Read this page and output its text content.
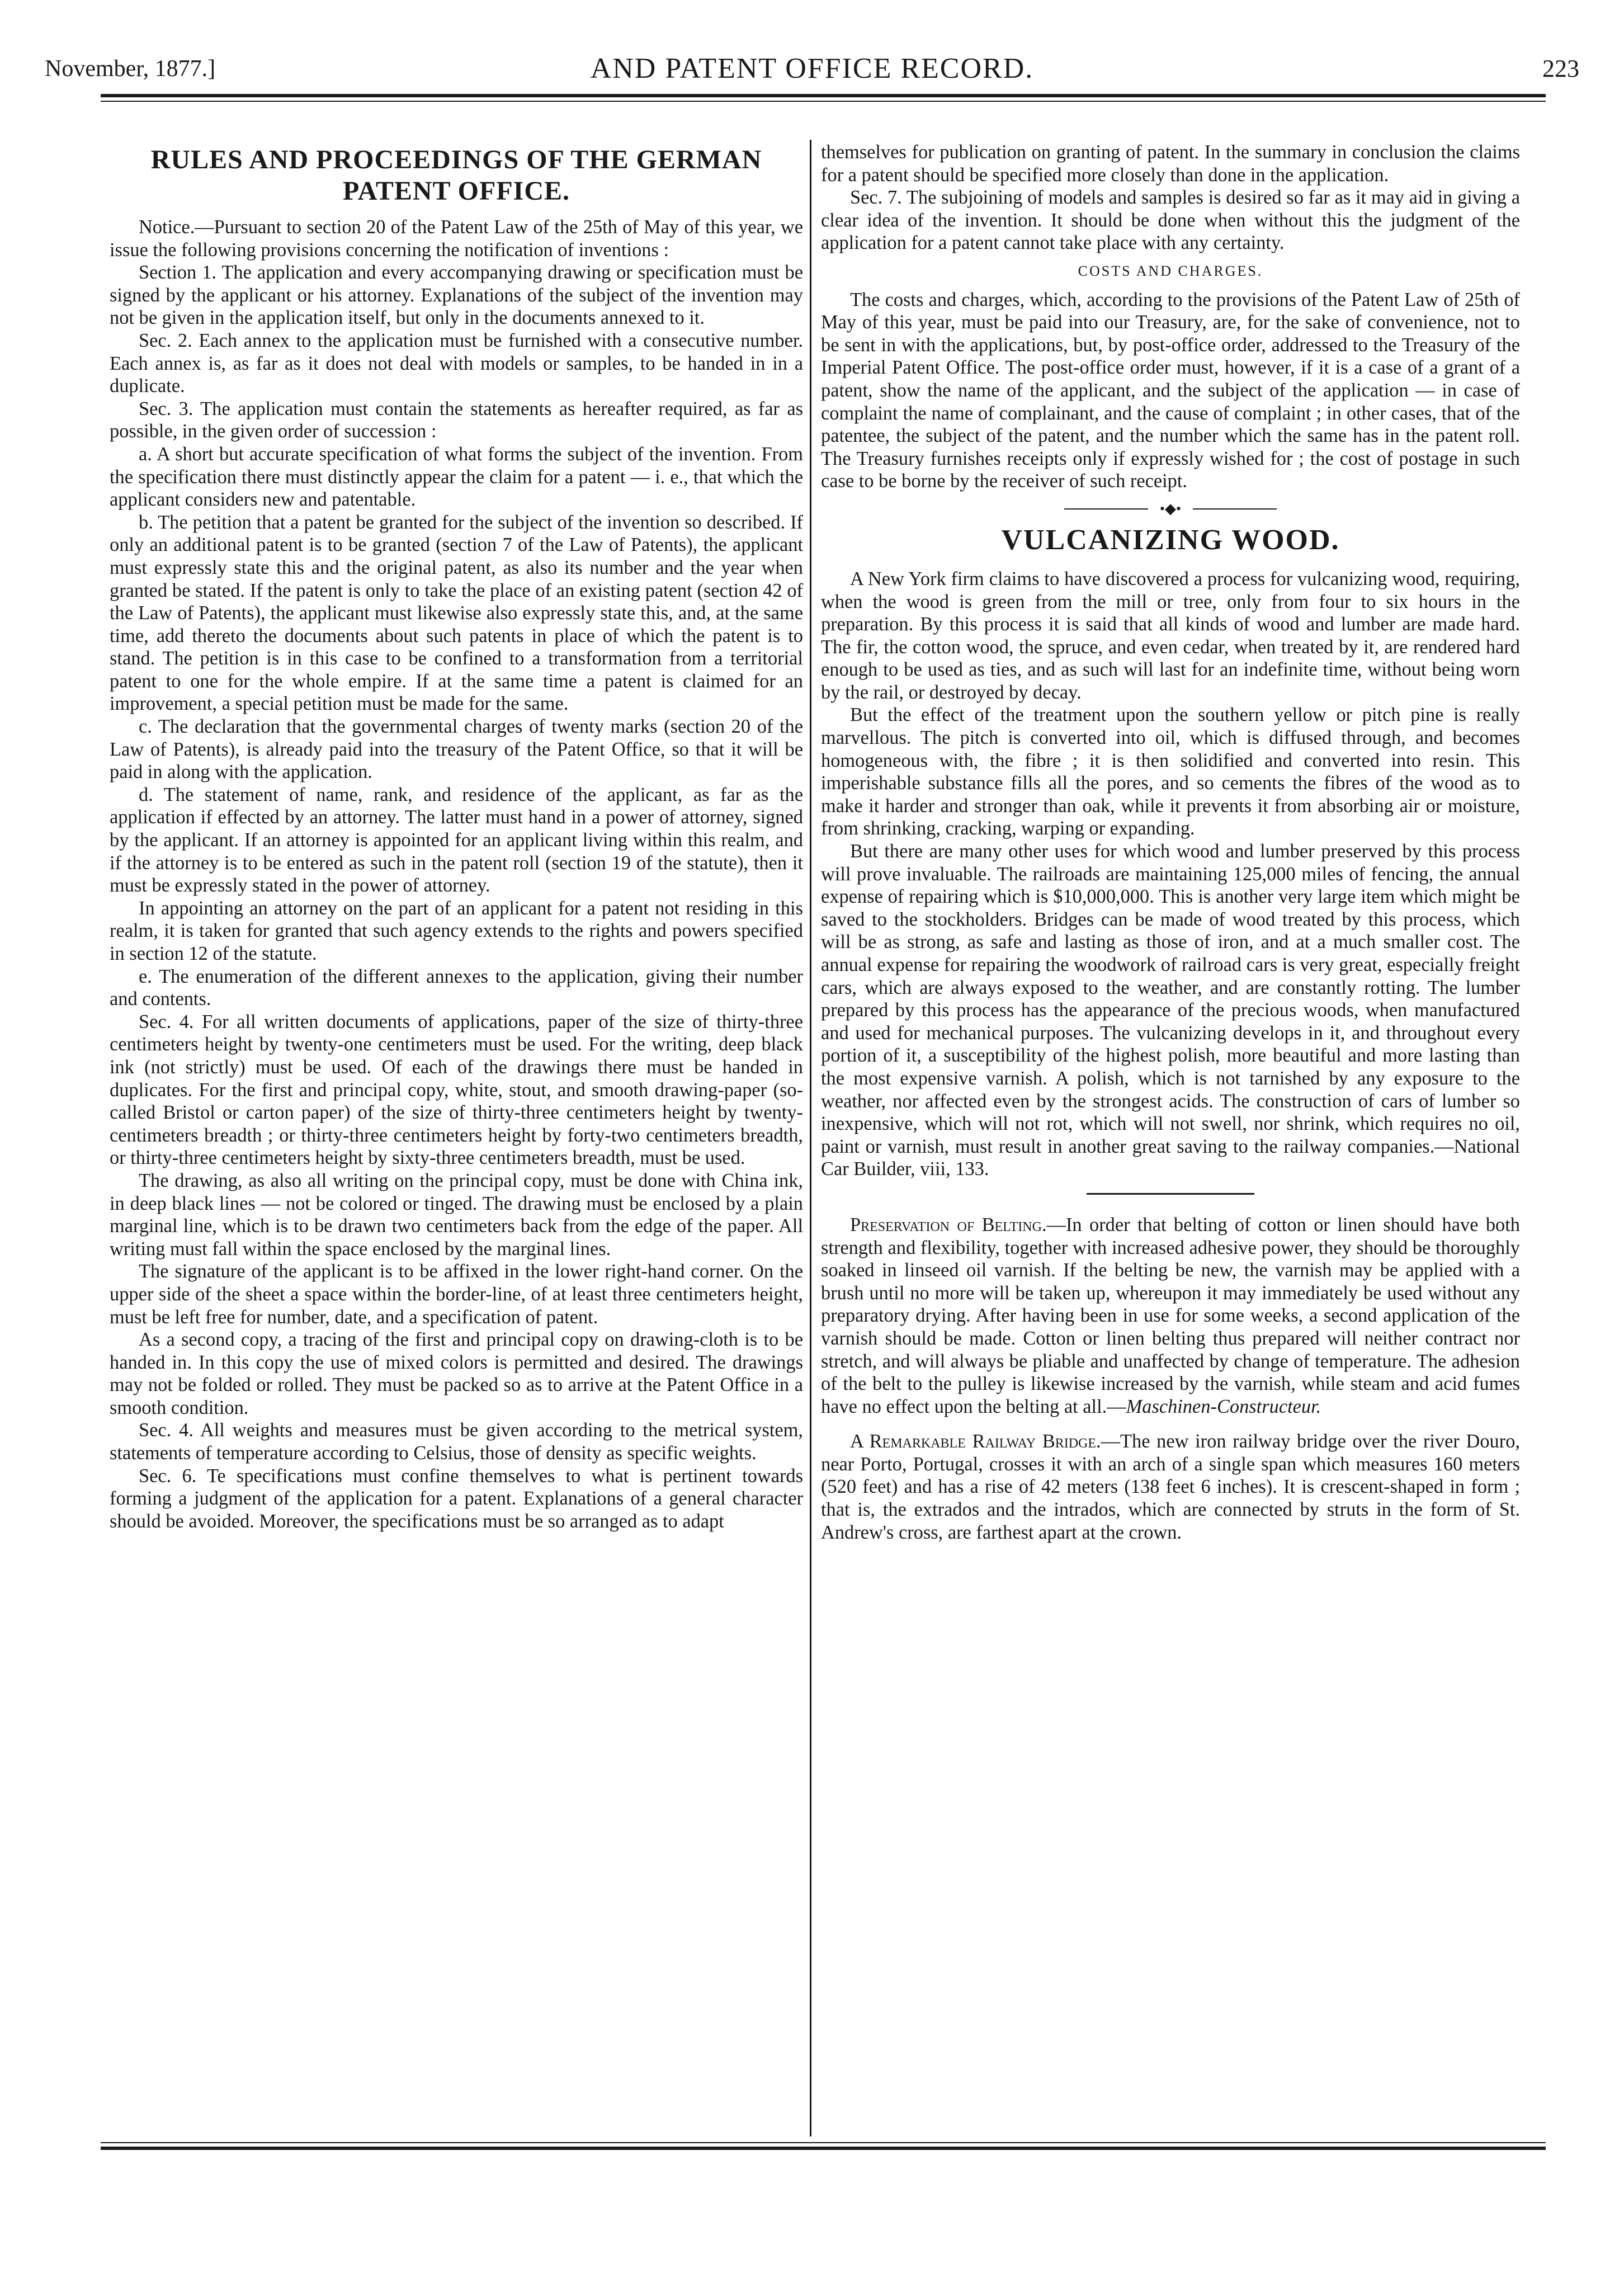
November, 1877.]	AND PATENT OFFICE RECORD.	223
RULES AND PROCEEDINGS OF THE GERMAN PATENT OFFICE.

Notice.—Pursuant to section 20 of the Patent Law of the 25th of May of this year, we issue the following provisions concerning the notification of inventions :

Section 1. The application and every accompanying drawing or specification must be signed by the applicant or his attorney. Explanations of the subject of the invention may not be given in the application itself, but only in the documents annexed to it.

Sec. 2. Each annex to the application must be furnished with a consecutive number. Each annex is, as far as it does not deal with models or samples, to be handed in in a duplicate.

Sec. 3. The application must contain the statements as hereafter required, as far as possible, in the given order of succession :

a. A short but accurate specification of what forms the subject of the invention. From the specification there must distinctly appear the claim for a patent — i. e., that which the applicant considers new and patentable.

b. The petition that a patent be granted for the subject of the invention so described. If only an additional patent is to be granted (section 7 of the Law of Patents), the applicant must expressly state this and the original patent, as also its number and the year when granted be stated. If the patent is only to take the place of an existing patent (section 42 of the Law of Patents), the applicant must likewise also expressly state this, and, at the same time, add thereto the documents about such patents in place of which the patent is to stand. The petition is in this case to be confined to a transformation from a territorial patent to one for the whole empire. If at the same time a patent is claimed for an improvement, a special petition must be made for the same.

c. The declaration that the governmental charges of twenty marks (section 20 of the Law of Patents), is already paid into the treasury of the Patent Office, so that it will be paid in along with the application.

d. The statement of name, rank, and residence of the applicant, as far as the application if effected by an attorney. The latter must hand in a power of attorney, signed by the applicant. If an attorney is appointed for an applicant living within this realm, and if the attorney is to be entered as such in the patent roll (section 19 of the statute), then it must be expressly stated in the power of attorney.

In appointing an attorney on the part of an applicant for a patent not residing in this realm, it is taken for granted that such agency extends to the rights and powers specified in section 12 of the statute.

e. The enumeration of the different annexes to the application, giving their number and contents.

Sec. 4. For all written documents of applications, paper of the size of thirty-three centimeters height by twenty-one centimeters must be used. For the writing, deep black ink (not strictly) must be used. Of each of the drawings there must be handed in duplicates. For the first and principal copy, white, stout, and smooth drawing-paper (so-called Bristol or carton paper) of the size of thirty-three centimeters height by twenty-centimeters breadth ; or thirty-three centimeters height by forty-two centimeters breadth, or thirty-three centimeters height by sixty-three centimeters breadth, must be used.

The drawing, as also all writing on the principal copy, must be done with China ink, in deep black lines — not be colored or tinged. The drawing must be enclosed by a plain marginal line, which is to be drawn two centimeters back from the edge of the paper. All writing must fall within the space enclosed by the marginal lines.

The signature of the applicant is to be affixed in the lower right-hand corner. On the upper side of the sheet a space within the border-line, of at least three centimeters height, must be left free for number, date, and a specification of patent.

As a second copy, a tracing of the first and principal copy on drawing-cloth is to be handed in. In this copy the use of mixed colors is permitted and desired. The drawings may not be folded or rolled. They must be packed so as to arrive at the Patent Office in a smooth condition.

Sec. 4. All weights and measures must be given according to the metrical system, statements of temperature according to Celsius, those of density as specific weights.

Sec. 6. Te specifications must confine themselves to what is pertinent towards forming a judgment of the application for a patent. Explanations of a general character should be avoided. Moreover, the specifications must be so arranged as to adapt

themselves for publication on granting of patent. In the summary in conclusion the claims for a patent should be specified more closely than done in the application.

Sec. 7. The subjoining of models and samples is desired so far as it may aid in giving a clear idea of the invention. It should be done when without this the judgment of the application for a patent cannot take place with any certainty.

COSTS AND CHARGES.

The costs and charges, which, according to the provisions of the Patent Law of 25th of May of this year, must be paid into our Treasury, are, for the sake of convenience, not to be sent in with the applications, but, by post-office order, addressed to the Treasury of the Imperial Patent Office. The post-office order must, however, if it is a case of a grant of a patent, show the name of the applicant, and the subject of the application — in case of complaint the name of complainant, and the cause of complaint ; in other cases, that of the patentee, the subject of the patent, and the number which the same has in the patent roll. The Treasury furnishes receipts only if expressly wished for ; the cost of postage in such case to be borne by the receiver of such receipt.

•◆•
VULCANIZING WOOD.

A New York firm claims to have discovered a process for vulcanizing wood, requiring, when the wood is green from the mill or tree, only from four to six hours in the preparation. By this process it is said that all kinds of wood and lumber are made hard. The fir, the cotton wood, the spruce, and even cedar, when treated by it, are rendered hard enough to be used as ties, and as such will last for an indefinite time, without being worn by the rail, or destroyed by decay.

But the effect of the treatment upon the southern yellow or pitch pine is really marvellous. The pitch is converted into oil, which is diffused through, and becomes homogeneous with, the fibre ; it is then solidified and converted into resin. This imperishable substance fills all the pores, and so cements the fibres of the wood as to make it harder and stronger than oak, while it prevents it from absorbing air or moisture, from shrinking, cracking, warping or expanding.

But there are many other uses for which wood and lumber preserved by this process will prove invaluable. The railroads are maintaining 125,000 miles of fencing, the annual expense of repairing which is $10,000,000. This is another very large item which might be saved to the stockholders. Bridges can be made of wood treated by this process, which will be as strong, as safe and lasting as those of iron, and at a much smaller cost. The annual expense for repairing the woodwork of railroad cars is very great, especially freight cars, which are always exposed to the weather, and are constantly rotting. The lumber prepared by this process has the appearance of the precious woods, when manufactured and used for mechanical purposes. The vulcanizing develops in it, and throughout every portion of it, a susceptibility of the highest polish, more beautiful and more lasting than the most expensive varnish. A polish, which is not tarnished by any exposure to the weather, nor affected even by the strongest acids. The construction of cars of lumber so inexpensive, which will not rot, which will not swell, nor shrink, which requires no oil, paint or varnish, must result in another great saving to the railway companies.—National Car Builder, viii, 133.

Preservation of Belting.—In order that belting of cotton or linen should have both strength and flexibility, together with increased adhesive power, they should be thoroughly soaked in linseed oil varnish. If the belting be new, the varnish may be applied with a brush until no more will be taken up, whereupon it may immediately be used without any preparatory drying. After having been in use for some weeks, a second application of the varnish should be made. Cotton or linen belting thus prepared will neither contract nor stretch, and will always be pliable and unaffected by change of temperature. The adhesion of the belt to the pulley is likewise increased by the varnish, while steam and acid fumes have no effect upon the belting at all.—Maschinen-Constructeur.

A Remarkable Railway Bridge.—The new iron railway bridge over the river Douro, near Porto, Portugal, crosses it with an arch of a single span which measures 160 meters (520 feet) and has a rise of 42 meters (138 feet 6 inches). It is crescent-shaped in form ; that is, the extrados and the intrados, which are connected by struts in the form of St. Andrew's cross, are farthest apart at the crown.
